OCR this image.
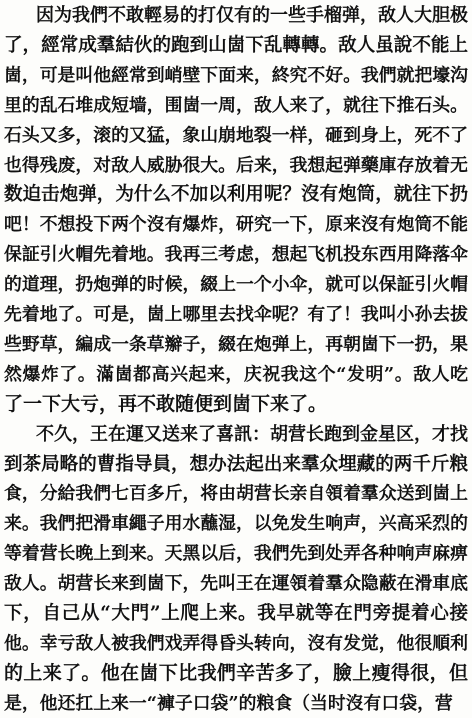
因为我們不敢輕易的打仅有的一些手榴弹，敌人大胆极
了，經常成羣結伙的跑到山崮下乱轉轉。敌人虽說不能上
崮，可是叫他經常到峭壁下面来，終究不好。我們就把壕沟
里的乱石堆成短墙，围崮一周，敌人来了，就往下推石头。
石头又多，滚的又猛，象山崩地裂一样，砸到身上，死不了
也得残废，对敌人威胁很大。后来，我想起弹藥庫存放着无
数迫击炮弹，为什么不加以利用呢？沒有炮筒，就往下扔
吧！不想投下两个沒有爆炸，研究一下，原来沒有炮筒不能
保証引火帽先着地。我再三考虑，想起飞机投东西用降落伞
的道理，扔炮弹的时候，綴上一个小伞，就可以保証引火帽
先着地了。可是，崮上哪里去找伞呢？有了！我叫小孙去拔
些野草，編成一条草辮子，綴在炮弹上，再朝崮下一扔，果
然爆炸了。滿崮都高兴起来，庆祝我这个“发明”。敌人吃
了一下大亏，再不敢随便到崮下来了。
不久，王在運又送来了喜訊：胡营长跑到金星区，才找
到茶局略的曹指导員，想办法起出来羣众埋藏的两千斤粮
食，分給我們七百多斤，将由胡营长亲自領着羣众送到崮上
来。我們把滑車繩子用水蘸湿，以免发生响声，兴高采烈的
等着营长晚上到来。天黑以后，我們先到处弄各种响声麻痹
敌人。胡营长来到崮下，先叫王在運領着羣众隐蔽在滑車底
下，自己从“大門”上爬上来。我早就等在門旁提着心接
他。幸亏敌人被我們戏弄得昏头转向，沒有发觉，他很順利
的上来了。他在崮下比我們辛苦多了，臉上瘦得很，但
是，他还扛上来一“褲子口袋”的粮食（当时沒有口袋，营
